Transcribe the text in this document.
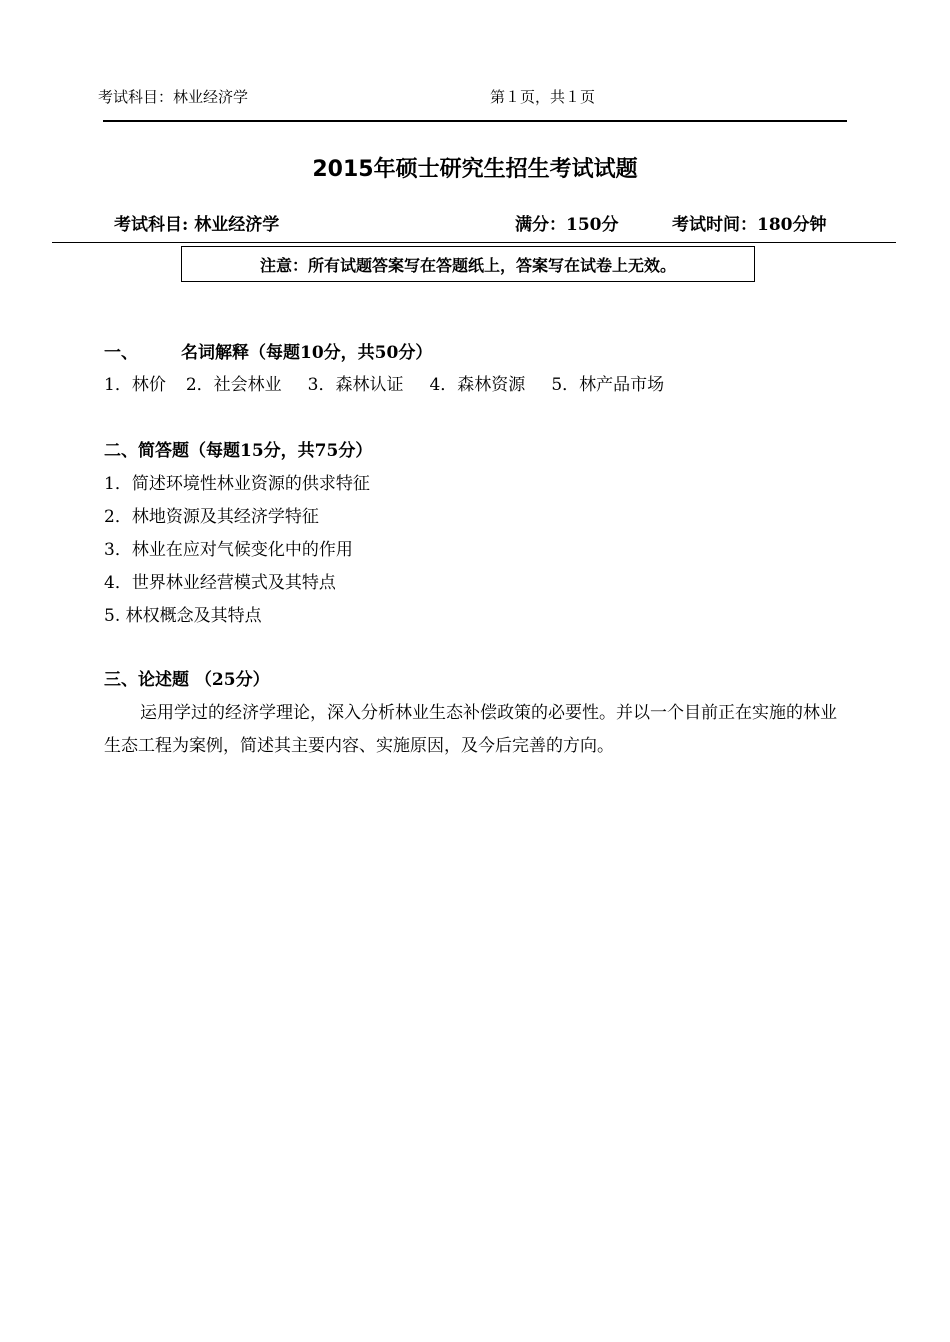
考试科目：林业经济学	第１页，共１页
2015年硕士研究生招生考试试题
考试科目: 林业经济学	满分：150分	考试时间：180分钟
注意：所有试题答案写在答题纸上，答案写在试卷上无效。
一、	名词解释（每题10分，共50分）
1．林价 2．社会林业 3．森林认证 4．森林资源 5．林产品市场
二、简答题（每题15分，共75分）
1．简述环境性林业资源的供求特征
2．林地资源及其经济学特征
3．林业在应对气候变化中的作用
4．世界林业经营模式及其特点
5. 林权概念及其特点
三、论述题 （25分）
运用学过的经济学理论，深入分析林业生态补偿政策的必要性。并以一个目前正在实施的林业生态工程为案例，简述其主要内容、实施原因，及今后完善的方向。
